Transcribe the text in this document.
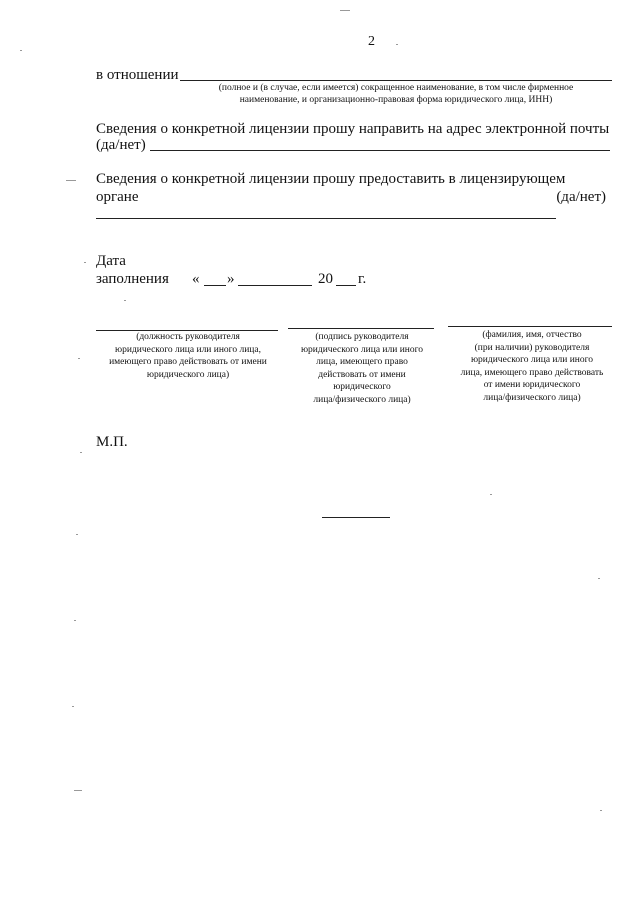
2
в отношении
(полное и (в случае, если имеется) сокращенное наименование, в том числе фирменное
наименование, и организационно-правовая форма юридического лица, ИНН)
Сведения о конкретной лицензии прошу направить на адрес электронной почты
(да/нет)
Сведения о конкретной лицензии прошу предоставить в лицензирующем
органе	(да/нет)
Дата
заполнения « »	20 г.
(должность руководителя
юридического лица или иного лица,
имеющего право действовать от имени
юридического лица)
(подпись руководителя
юридического лица или иного
лица, имеющего право
действовать от имени
юридического
лица/физического лица)
(фамилия, имя, отчество
(при наличии) руководителя
юридического лица или иного
лица, имеющего право действовать
от имени юридического
лица/физического лица)
М.П.
